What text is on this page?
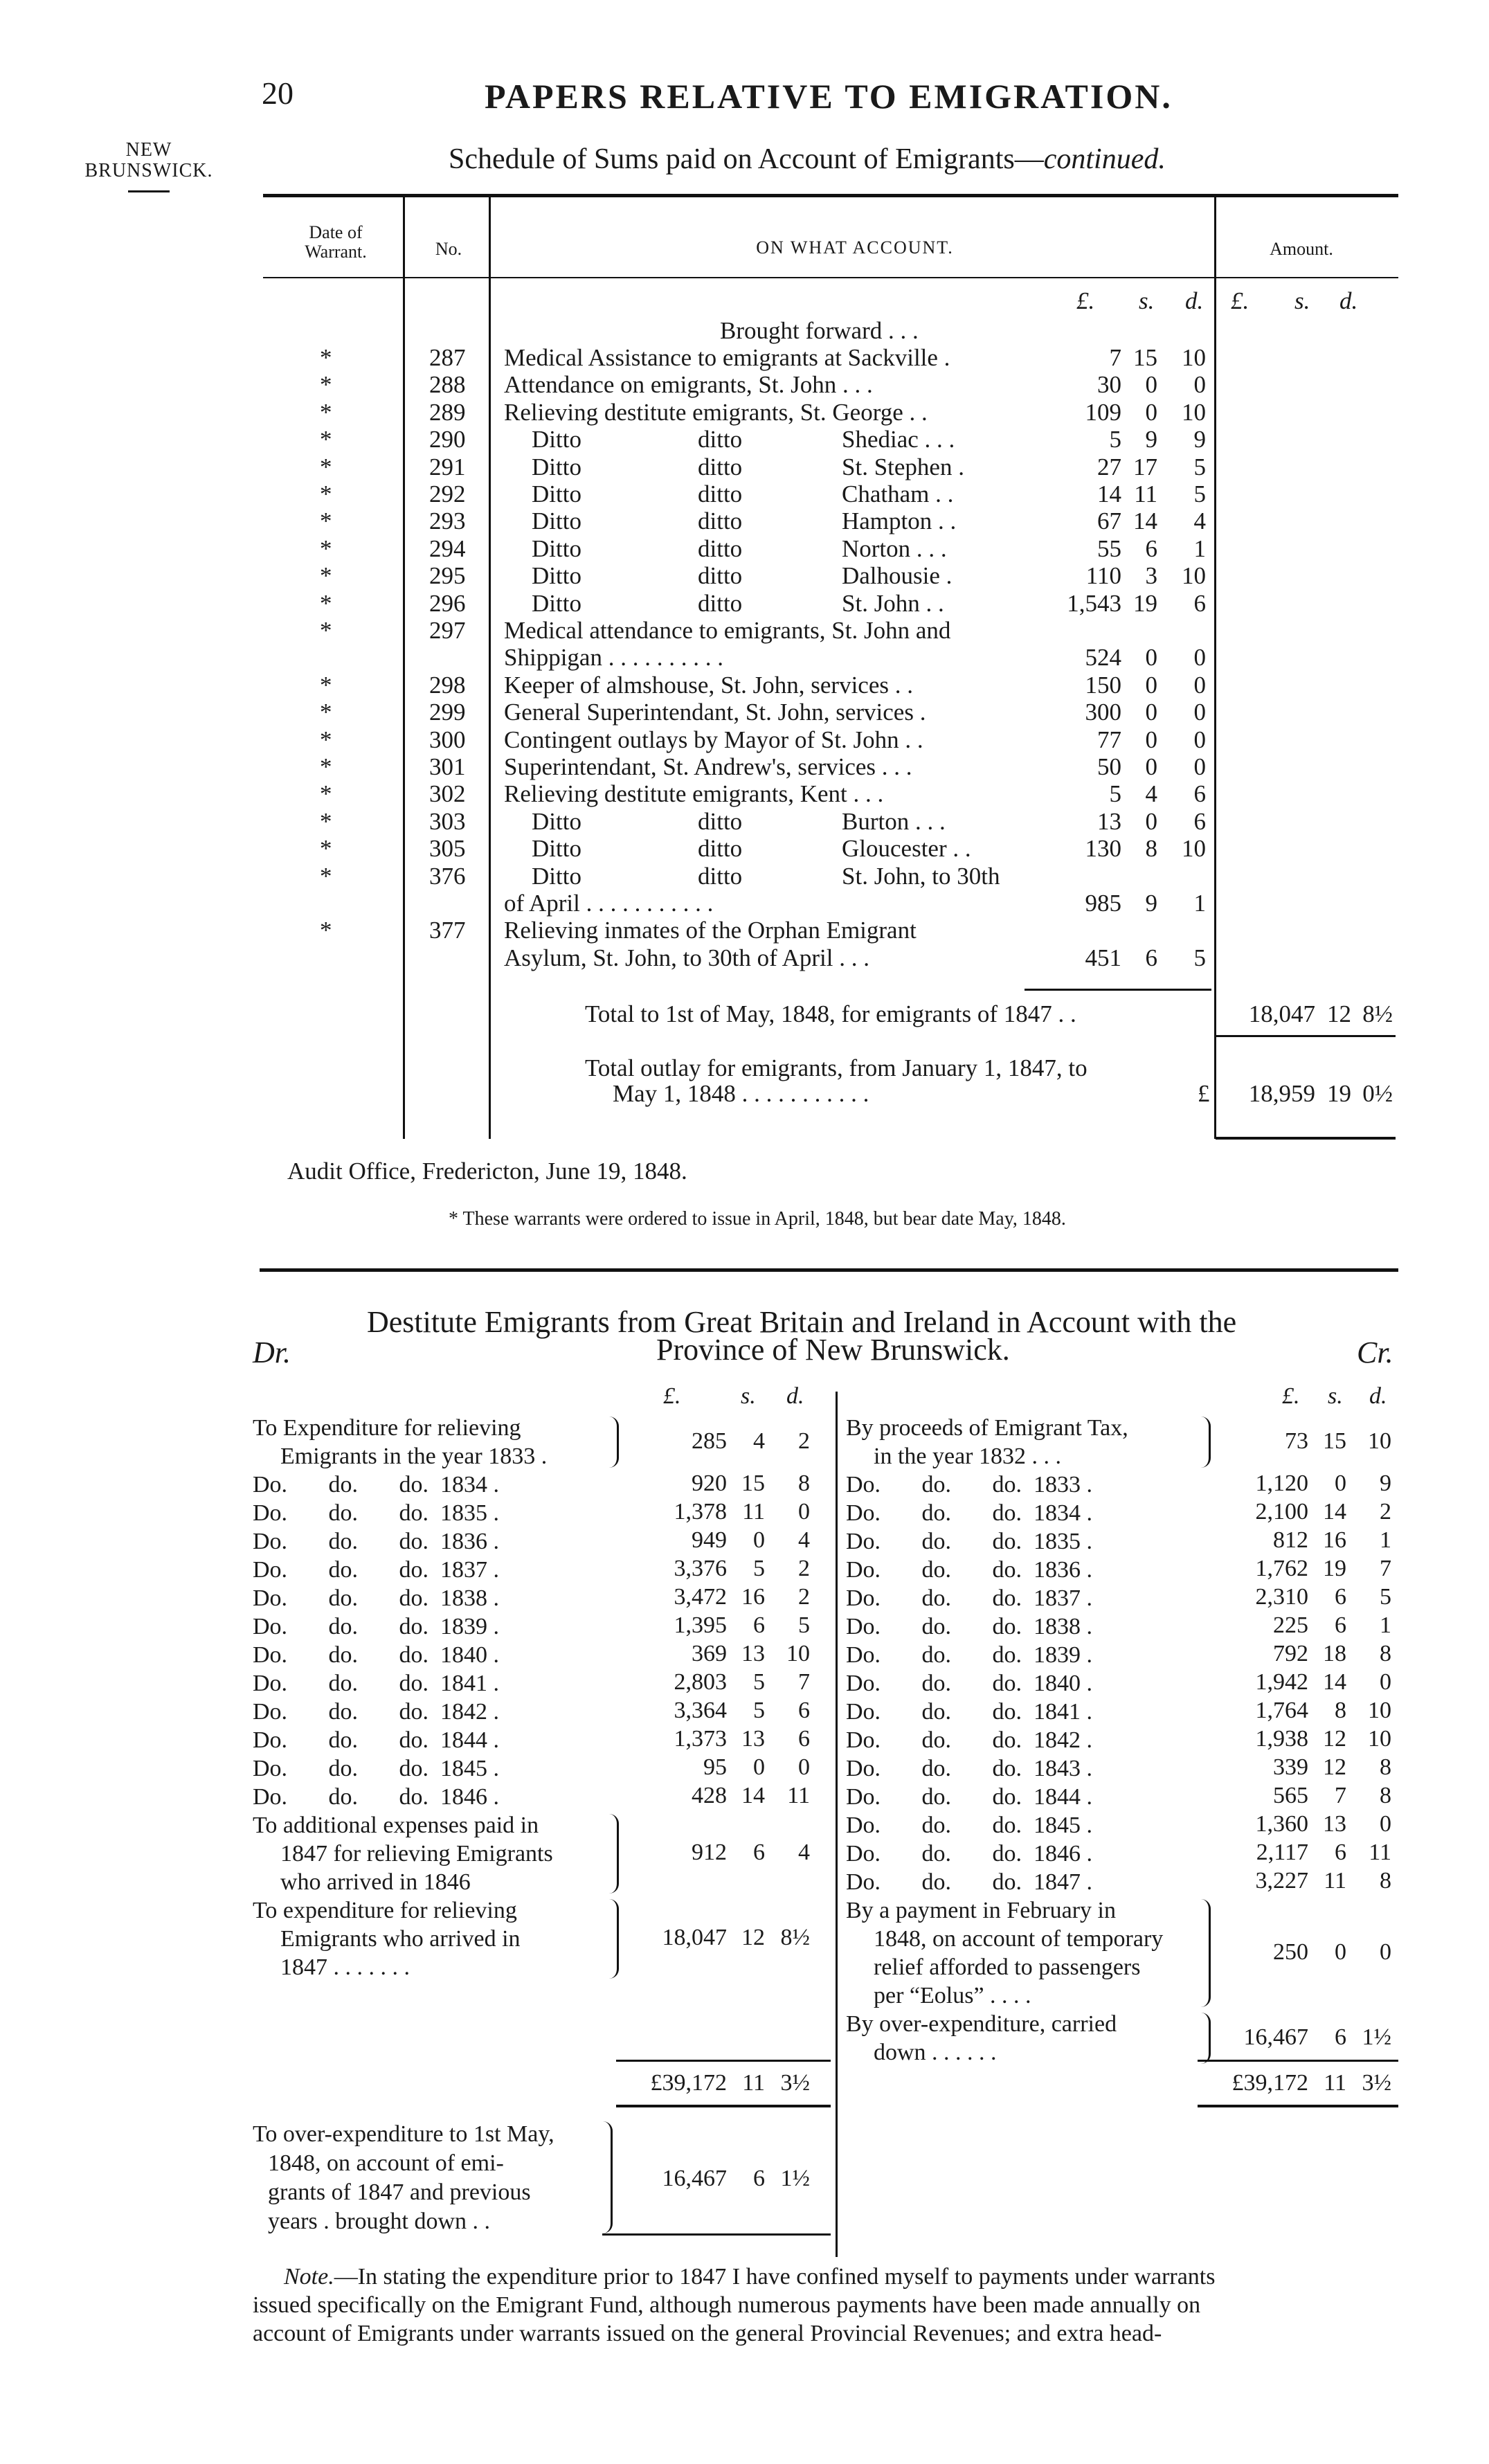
20	PAPERS RELATIVE TO EMIGRATION.
NEW
BRUNSWICK.	Schedule of Sums paid on Account of Emigrants—continued.
Date of
Warrant.	No.	ON WHAT ACCOUNT.	Amount.
£. s. d. £. s. d.
Brought forward . . .
*	287 Medical Assistance to emigrants at Sackville .	7 15	10
*	288 Attendance on emigrants, St. John . . .	30 0	0
*	289 Relieving destitute emigrants, St. George . .	109 0	10
*	290	Ditto	ditto	Shediac . . .	5 9	9
*	291	Ditto	ditto	St. Stephen .	27 17	5
*	292	Ditto	ditto	Chatham . .	14 11	5
*	293	Ditto	ditto	Hampton . .	67 14	4
*	294	Ditto	ditto	Norton . . .	55 6	1
*	295	Ditto	ditto	Dalhousie .	110 3	10
*	296	Ditto	ditto	St. John . .	1,543 19	6
*	297 Medical attendance to emigrants, St. John and
Shippigan . . . . . . . . . .	524 0	0
*	298 Keeper of almshouse, St. John, services . .	150 0	0
*	299 General Superintendant, St. John, services .	300 0	0
*	300 Contingent outlays by Mayor of St. John . .	77 0	0
*	301 Superintendant, St. Andrew's, services . . .	50 0	0
*	302 Relieving destitute emigrants, Kent . . .	5 4	6
*	303	Ditto	ditto	Burton . . .	13 0	6
*	305	Ditto	ditto	Gloucester . .	130 8	10
*	376	Ditto	ditto	St. John, to 30th
of April . . . . . . . . . . .	985 9	1
*	377 Relieving inmates of the Orphan Emigrant
Asylum, St. John, to 30th of April . . .	451 6	5
Total to 1st of May, 1848, for emigrants of 1847 . .	18,047 12 8½
Total outlay for emigrants, from January 1, 1847, to
May 1, 1848 . . . . . . . . . . .	£	18,959 19 0½
Audit Office, Fredericton, June 19, 1848.
* These warrants were ordered to issue in April, 1848, but bear date May, 1848.
Destitute Emigrants from Great Britain and Ireland in Account with the
Province of New Brunswick.
Dr.	Cr.
£.	s. d.	£. s. d.
To Expenditure for relieving
Emigrants in the year 1833 .
285	4	2
Do.       do.       do.  1834 .	920 15	8
Do.       do.       do.  1835 .	1,378 11	0
Do.       do.       do.  1836 .	949	0	4
Do.       do.       do.  1837 .	3,376	5	2
Do.       do.       do.  1838 .	3,472 16	2
Do.       do.       do.  1839 .	1,395	6	5
Do.       do.       do.  1840 .	369 13 10
Do.       do.       do.  1841 .	2,803	5	7
Do.       do.       do.  1842 .	3,364	5	6
Do.       do.       do.  1844 .	1,373 13	6
Do.       do.       do.  1845 .	95	0	0
Do.       do.       do.  1846 .	428 14 11
To additional expenses paid in
1847 for relieving Emigrants
who arrived in 1846
912	6	4
To expenditure for relieving
Emigrants who arrived in
1847 . . . . . . .
18,047 12 8½
By proceeds of Emigrant Tax,
in the year 1832 . . .
73 15 10
Do.       do.       do.  1833 .	1,120	0	9
Do.       do.       do.  1834 .	2,100 14	2
Do.       do.       do.  1835 .	812 16	1
Do.       do.       do.  1836 .	1,762 19	7
Do.       do.       do.  1837 .	2,310	6	5
Do.       do.       do.  1838 .	225	6	1
Do.       do.       do.  1839 .	792 18	8
Do.       do.       do.  1840 .	1,942 14	0
Do.       do.       do.  1841 .	1,764	8 10
Do.       do.       do.  1842 .	1,938 12 10
Do.       do.       do.  1843 .	339 12	8
Do.       do.       do.  1844 .	565	7	8
Do.       do.       do.  1845 .	1,360 13	0
Do.       do.       do.  1846 .	2,117	6 11
Do.       do.       do.  1847 .	3,227 11	8
By a payment in February in
1848, on account of temporary
relief afforded to passengers
per “Eolus” . . . .
250	0	0
By over-expenditure, carried
down . . . . . .
16,467	6 1½
£39,172 11 3½	£39,172 11 3½
To over-expenditure to 1st May,
1848, on account of emi-
grants of 1847 and previous
years . brought down . .
16,467	6 1½
Note.—In stating the expenditure prior to 1847 I have confined myself to payments under warrants
issued specifically on the Emigrant Fund, although numerous payments have been made annually on
account of Emigrants under warrants issued on the general Provincial Revenues; and extra head-
